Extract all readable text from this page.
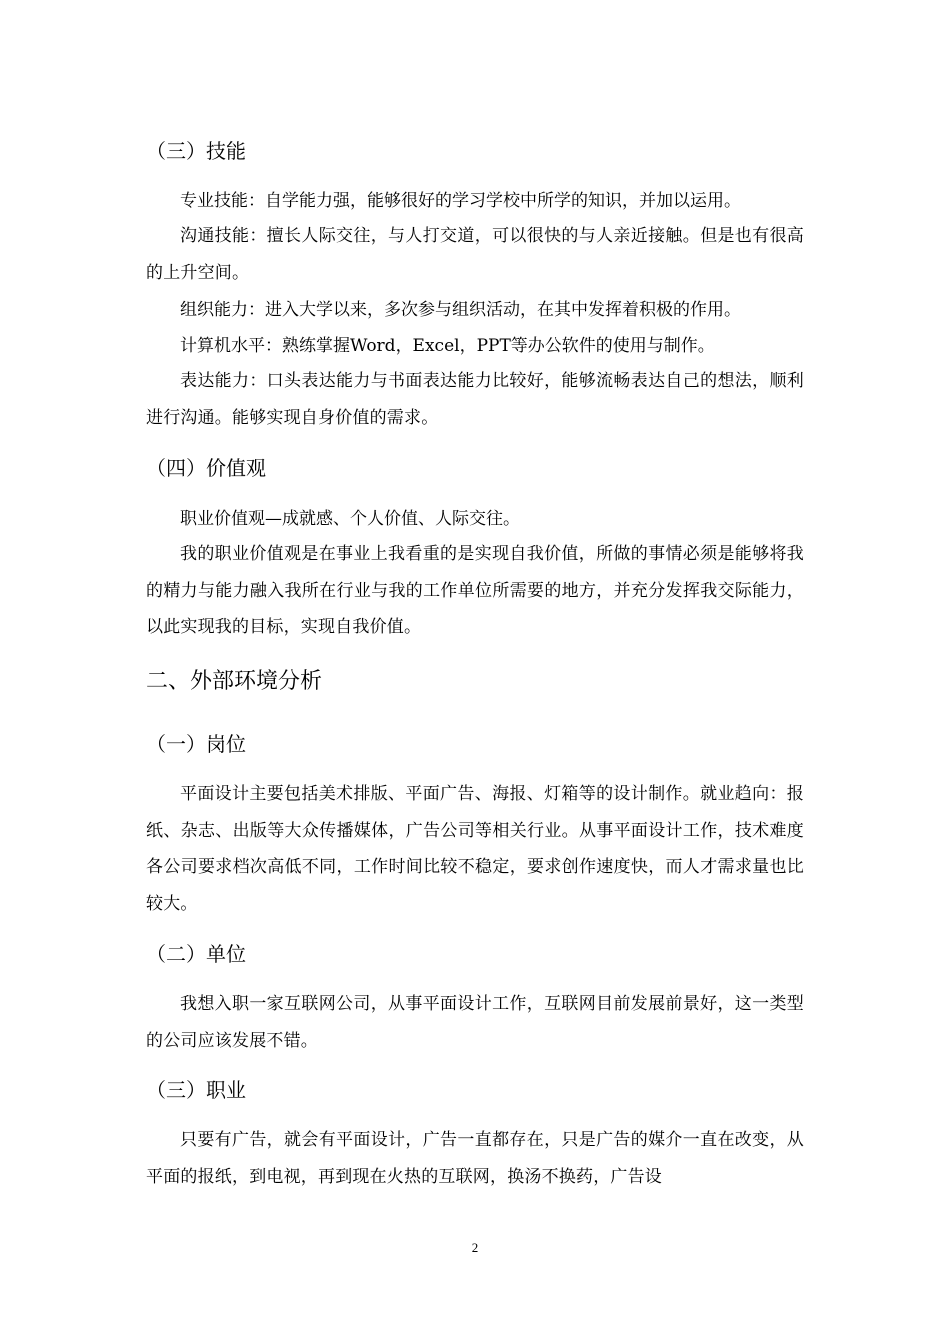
（三）技能
专业技能：自学能力强，能够很好的学习学校中所学的知识，并加以运用。

沟通技能：擅长人际交往，与人打交道，可以很快的与人亲近接触。但是也有很高的上升空间。

组织能力：进入大学以来，多次参与组织活动，在其中发挥着积极的作用。
计算机水平：熟练掌握Word，Excel，PPT等办公软件的使用与制作。

表达能力：口头表达能力与书面表达能力比较好，能够流畅表达自己的想法，顺利进行沟通。能够实现自身价值的需求。

（四）价值观
职业价值观—成就感、个人价值、人际交往。

我的职业价值观是在事业上我看重的是实现自我价值，所做的事情必须是能够将我的精力与能力融入我所在行业与我的工作单位所需要的地方，并充分发挥我交际能力，以此实现我的目标，实现自我价值。

二、外部环境分析
（一）岗位

平面设计主要包括美术排版、平面广告、海报、灯箱等的设计制作。就业趋向：报纸、杂志、出版等大众传播媒体，广告公司等相关行业。从事平面设计工作，技术难度各公司要求档次高低不同，工作时间比较不稳定，要求创作速度快，而人才需求量也比较大。

（二）单位

我想入职一家互联网公司，从事平面设计工作，互联网目前发展前景好，这一类型的公司应该发展不错。

（三）职业

只要有广告，就会有平面设计，广告一直都存在，只是广告的媒介一直在改变，从平面的报纸，到电视，再到现在火热的互联网，换汤不换药，广告设

2
